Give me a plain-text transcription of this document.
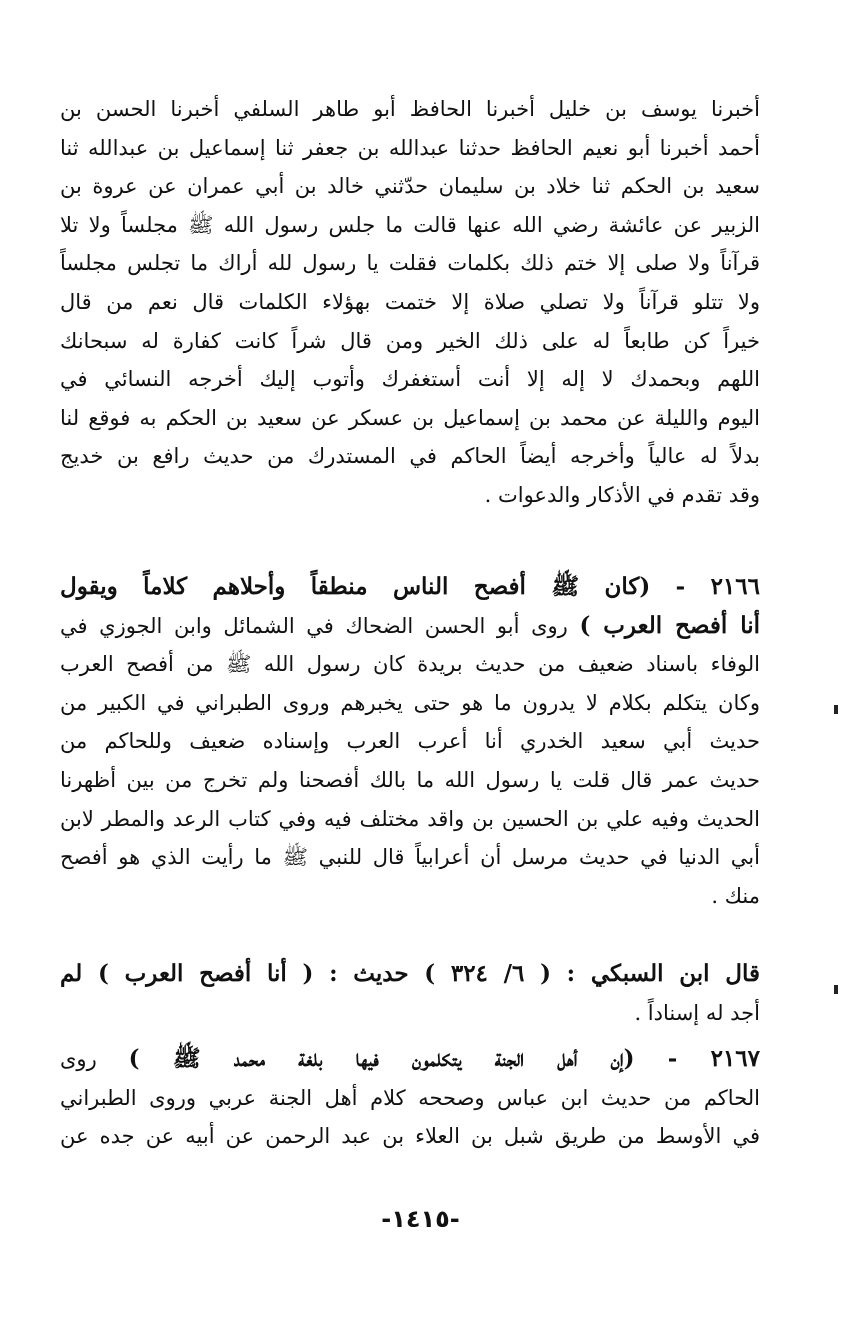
أخبرنا يوسف بن خليل أخبرنا الحافظ أبو طاهر السلفي أخبرنا الحسن بن
أحمد أخبرنا أبو نعيم الحافظ حدثنا عبدالله بن جعفر ثنا إسماعيل بن عبدالله ثنا
سعيد بن الحكم ثنا خلاد بن سليمان حدّثني خالد بن أبي عمران عن عروة بن
الزبير عن عائشة رضي الله عنها قالت ما جلس رسول الله ﷺ مجلساً ولا تلا
قرآناً ولا صلى إلا ختم ذلك بكلمات فقلت يا رسول لله أراك ما تجلس مجلساً
ولا تتلو قرآناً ولا تصلي صلاة إلا ختمت بهؤلاء الكلمات قال نعم من قال
خيراً كن طابعاً له على ذلك الخير ومن قال شراً كانت كفارة له سبحانك
اللهم وبحمدك لا إله إلا أنت أستغفرك وأتوب إليك أخرجه النسائي في
اليوم والليلة عن محمد بن إسماعيل بن عسكر عن سعيد بن الحكم به فوقع لنا
بدلاً له عالياً وأخرجه أيضاً الحاكم في المستدرك من حديث رافع بن خديج
وقد تقدم في الأذكار والدعوات .
٢١٦٦ - (كان ﷺ أفصح الناس منطقاً وأحلاهم كلاماً ويقول
أنا أفصح العرب ) روى أبو الحسن الضحاك في الشمائل وابن الجوزي في
الوفاء باسناد ضعيف من حديث بريدة كان رسول الله ﷺ من أفصح العرب
وكان يتكلم بكلام لا يدرون ما هو حتى يخبرهم وروى الطبراني في الكبير من
حديث أبي سعيد الخدري أنا أعرب العرب وإسناده ضعيف وللحاكم من
حديث عمر قال قلت يا رسول الله ما بالك أفصحنا ولم تخرج من بين أظهرنا
الحديث وفيه علي بن الحسين بن واقد مختلف فيه وفي كتاب الرعد والمطر لابن
أبي الدنيا في حديث مرسل أن أعرابياً قال للنبي ﷺ ما رأيت الذي هو أفصح
منك .
قال ابن السبكي : ( ٦/ ٣٢٤ ) حديث : ( أنا أفصح العرب ) لم
أجد له إسناداً .
٢١٦٧ - (إن أهل الجنة يتكلمون فيها بلغة محمد ﷺ ) روى
الحاكم من حديث ابن عباس وصححه كلام أهل الجنة عربي وروى الطبراني
في الأوسط من طريق شبل بن العلاء بن عبد الرحمن عن أبيه عن جده عن
-١٤١٥-
